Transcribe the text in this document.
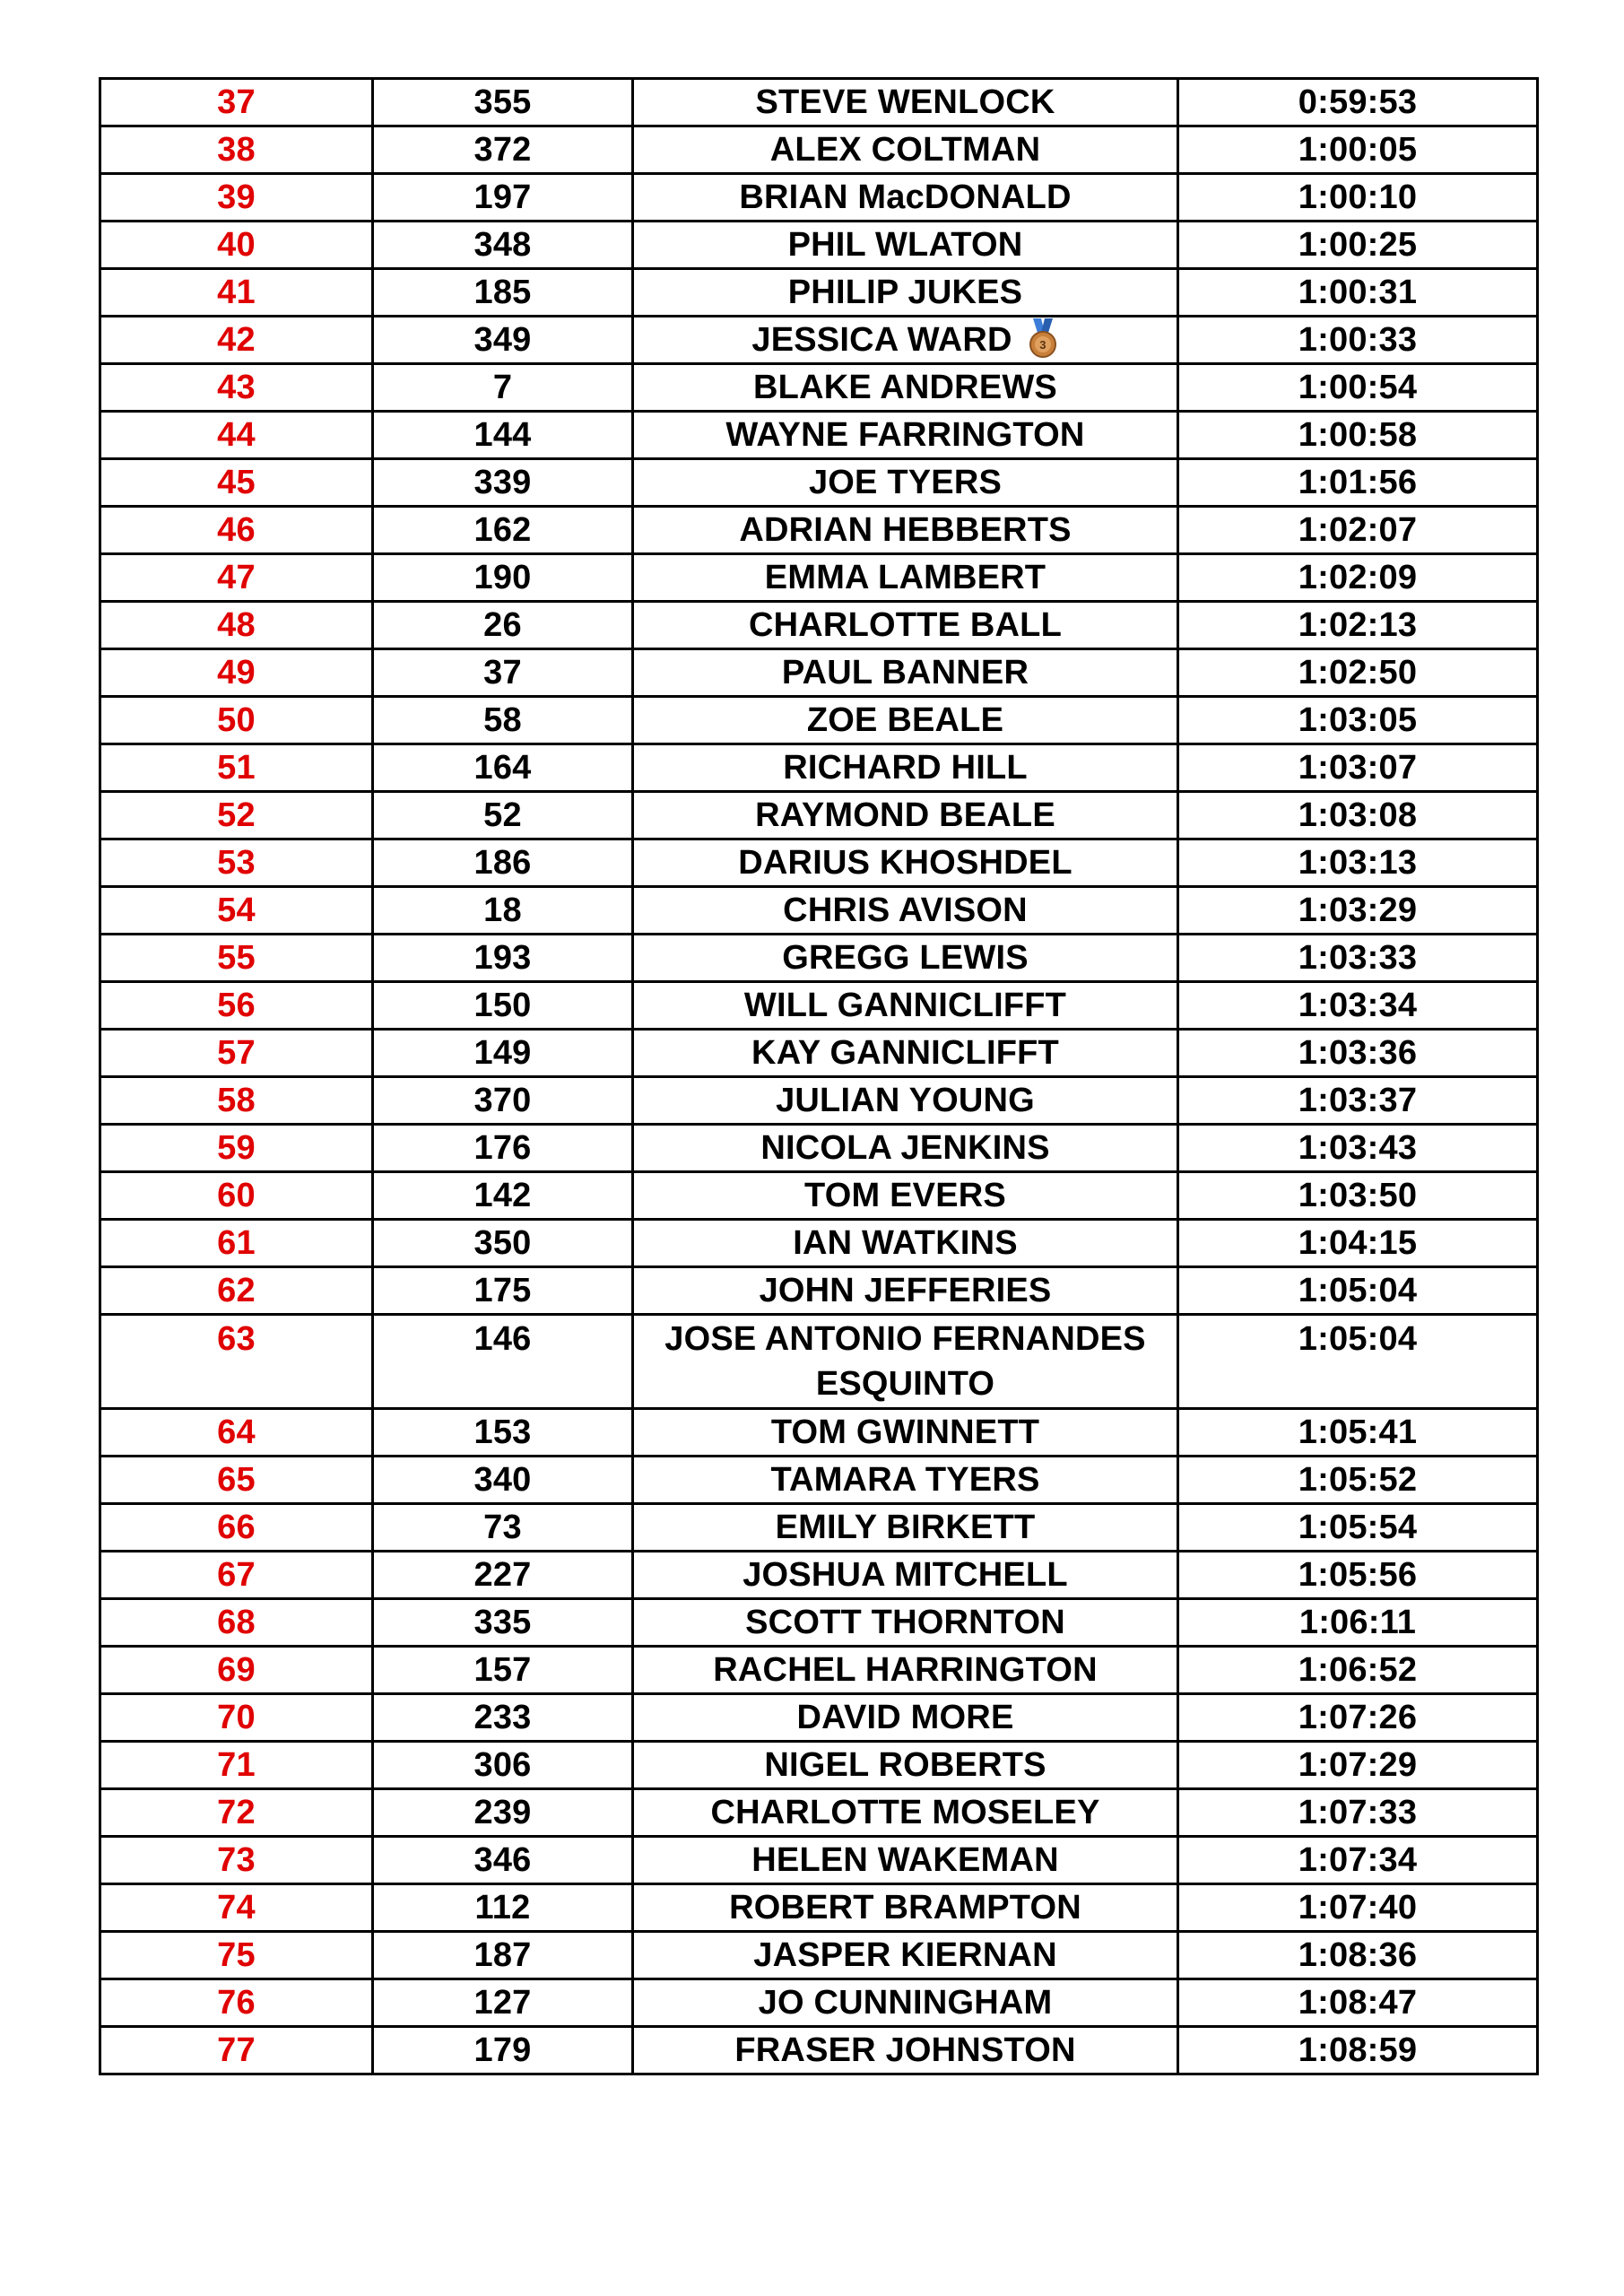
37	355	STEVE WENLOCK	0:59:53
38	372	ALEX COLTMAN	1:00:05
39	197	BRIAN MacDONALD	1:00:10
40	348	PHIL WLATON	1:00:25
41	185	PHILIP JUKES	1:00:31
42	349	JESSICA WARD 3	1:00:33
43	7	BLAKE ANDREWS	1:00:54
44	144	WAYNE FARRINGTON	1:00:58
45	339	JOE TYERS	1:01:56
46	162	ADRIAN HEBBERTS	1:02:07
47	190	EMMA LAMBERT	1:02:09
48	26	CHARLOTTE BALL	1:02:13
49	37	PAUL BANNER	1:02:50
50	58	ZOE BEALE	1:03:05
51	164	RICHARD HILL	1:03:07
52	52	RAYMOND BEALE	1:03:08
53	186	DARIUS KHOSHDEL	1:03:13
54	18	CHRIS AVISON	1:03:29
55	193	GREGG LEWIS	1:03:33
56	150	WILL GANNICLIFFT	1:03:34
57	149	KAY GANNICLIFFT	1:03:36
58	370	JULIAN YOUNG	1:03:37
59	176	NICOLA JENKINS	1:03:43
60	142	TOM EVERS	1:03:50
61	350	IAN WATKINS	1:04:15
62	175	JOHN JEFFERIES	1:05:04
63	146	JOSE ANTONIO FERNANDES ESQUINTO	1:05:04
64	153	TOM GWINNETT	1:05:41
65	340	TAMARA TYERS	1:05:52
66	73	EMILY BIRKETT	1:05:54
67	227	JOSHUA MITCHELL	1:05:56
68	335	SCOTT THORNTON	1:06:11
69	157	RACHEL HARRINGTON	1:06:52
70	233	DAVID MORE	1:07:26
71	306	NIGEL ROBERTS	1:07:29
72	239	CHARLOTTE MOSELEY	1:07:33
73	346	HELEN WAKEMAN	1:07:34
74	112	ROBERT BRAMPTON	1:07:40
75	187	JASPER KIERNAN	1:08:36
76	127	JO CUNNINGHAM	1:08:47
77	179	FRASER JOHNSTON	1:08:59
